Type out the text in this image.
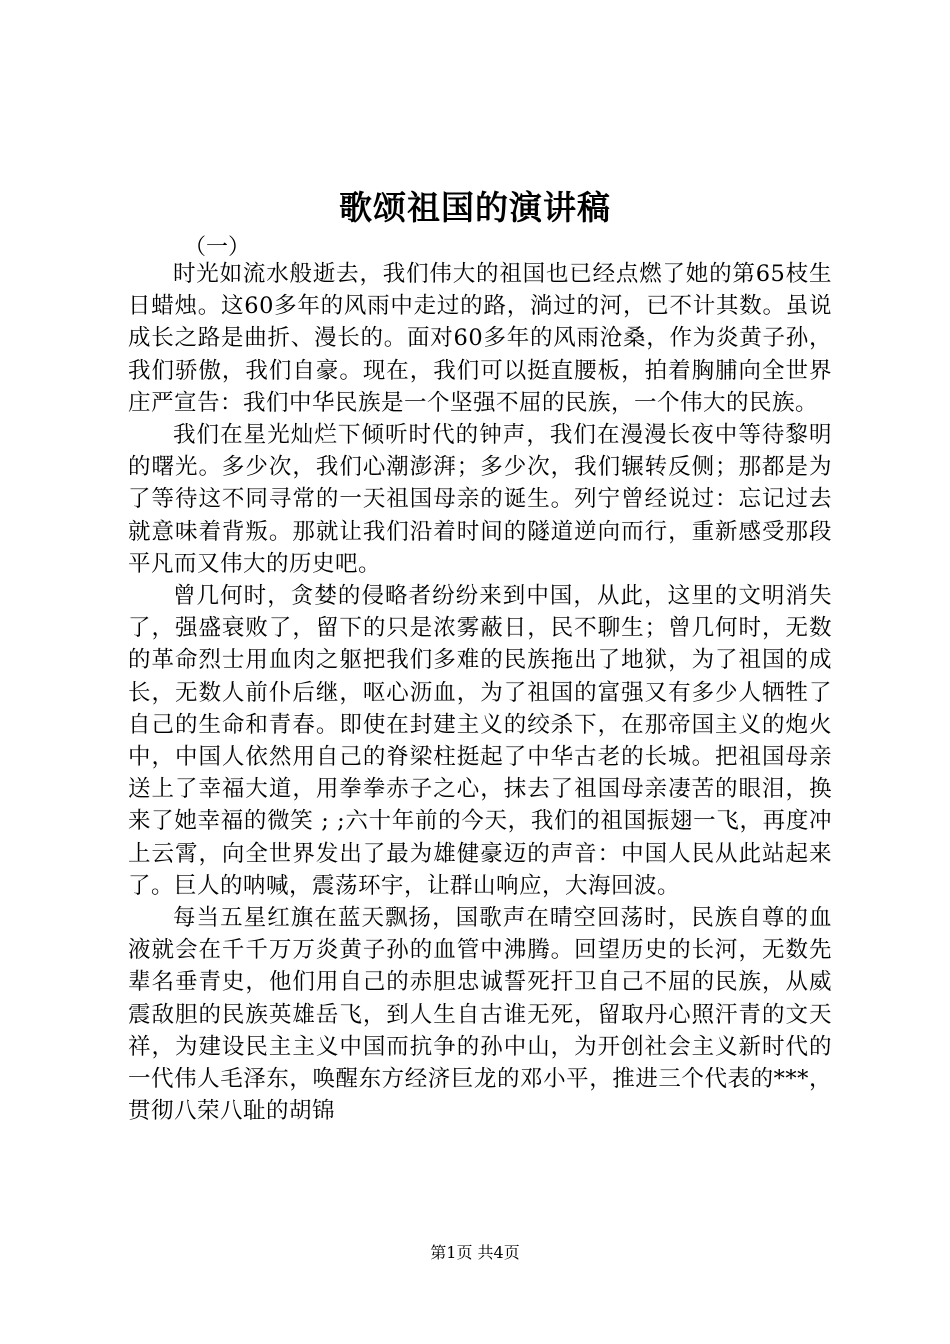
歌颂祖国的演讲稿
（一）

时光如流水般逝去，我们伟大的祖国也已经点燃了她的第65枝生日蜡烛。这60多年的风雨中走过的路，淌过的河，已不计其数。虽说成长之路是曲折、漫长的。面对60多年的风雨沧桑，作为炎黄子孙，我们骄傲，我们自豪。现在，我们可以挺直腰板，拍着胸脯向全世界庄严宣告：我们中华民族是一个坚强不屈的民族，一个伟大的民族。

我们在星光灿烂下倾听时代的钟声，我们在漫漫长夜中等待黎明的曙光。多少次，我们心潮澎湃；多少次，我们辗转反侧；那都是为了等待这不同寻常的一天祖国母亲的诞生。列宁曾经说过：忘记过去就意味着背叛。那就让我们沿着时间的隧道逆向而行，重新感受那段平凡而又伟大的历史吧。

曾几何时，贪婪的侵略者纷纷来到中国，从此，这里的文明消失了，强盛衰败了，留下的只是浓雾蔽日，民不聊生；曾几何时，无数的革命烈士用血肉之躯把我们多难的民族拖出了地狱，为了祖国的成长，无数人前仆后继，呕心沥血，为了祖国的富强又有多少人牺牲了自己的生命和青春。即使在封建主义的绞杀下，在那帝国主义的炮火中，中国人依然用自己的脊梁柱挺起了中华古老的长城。把祖国母亲送上了幸福大道，用拳拳赤子之心，抹去了祖国母亲凄苦的眼泪，换来了她幸福的微笑 ; ;六十年前的今天，我们的祖国振翅一飞，再度冲上云霄，向全世界发出了最为雄健豪迈的声音：中国人民从此站起来了。巨人的呐喊，震荡环宇，让群山响应，大海回波。

每当五星红旗在蓝天飘扬，国歌声在晴空回荡时，民族自尊的血液就会在千千万万炎黄子孙的血管中沸腾。回望历史的长河，无数先辈名垂青史，他们用自己的赤胆忠诚誓死扞卫自己不屈的民族，从威震敌胆的民族英雄岳飞，到人生自古谁无死，留取丹心照汗青的文天祥，为建设民主主义中国而抗争的孙中山，为开创社会主义新时代的一代伟人毛泽东，唤醒东方经济巨龙的邓小平，推进三个代表的***，贯彻八荣八耻的胡锦

第1页 共4页
